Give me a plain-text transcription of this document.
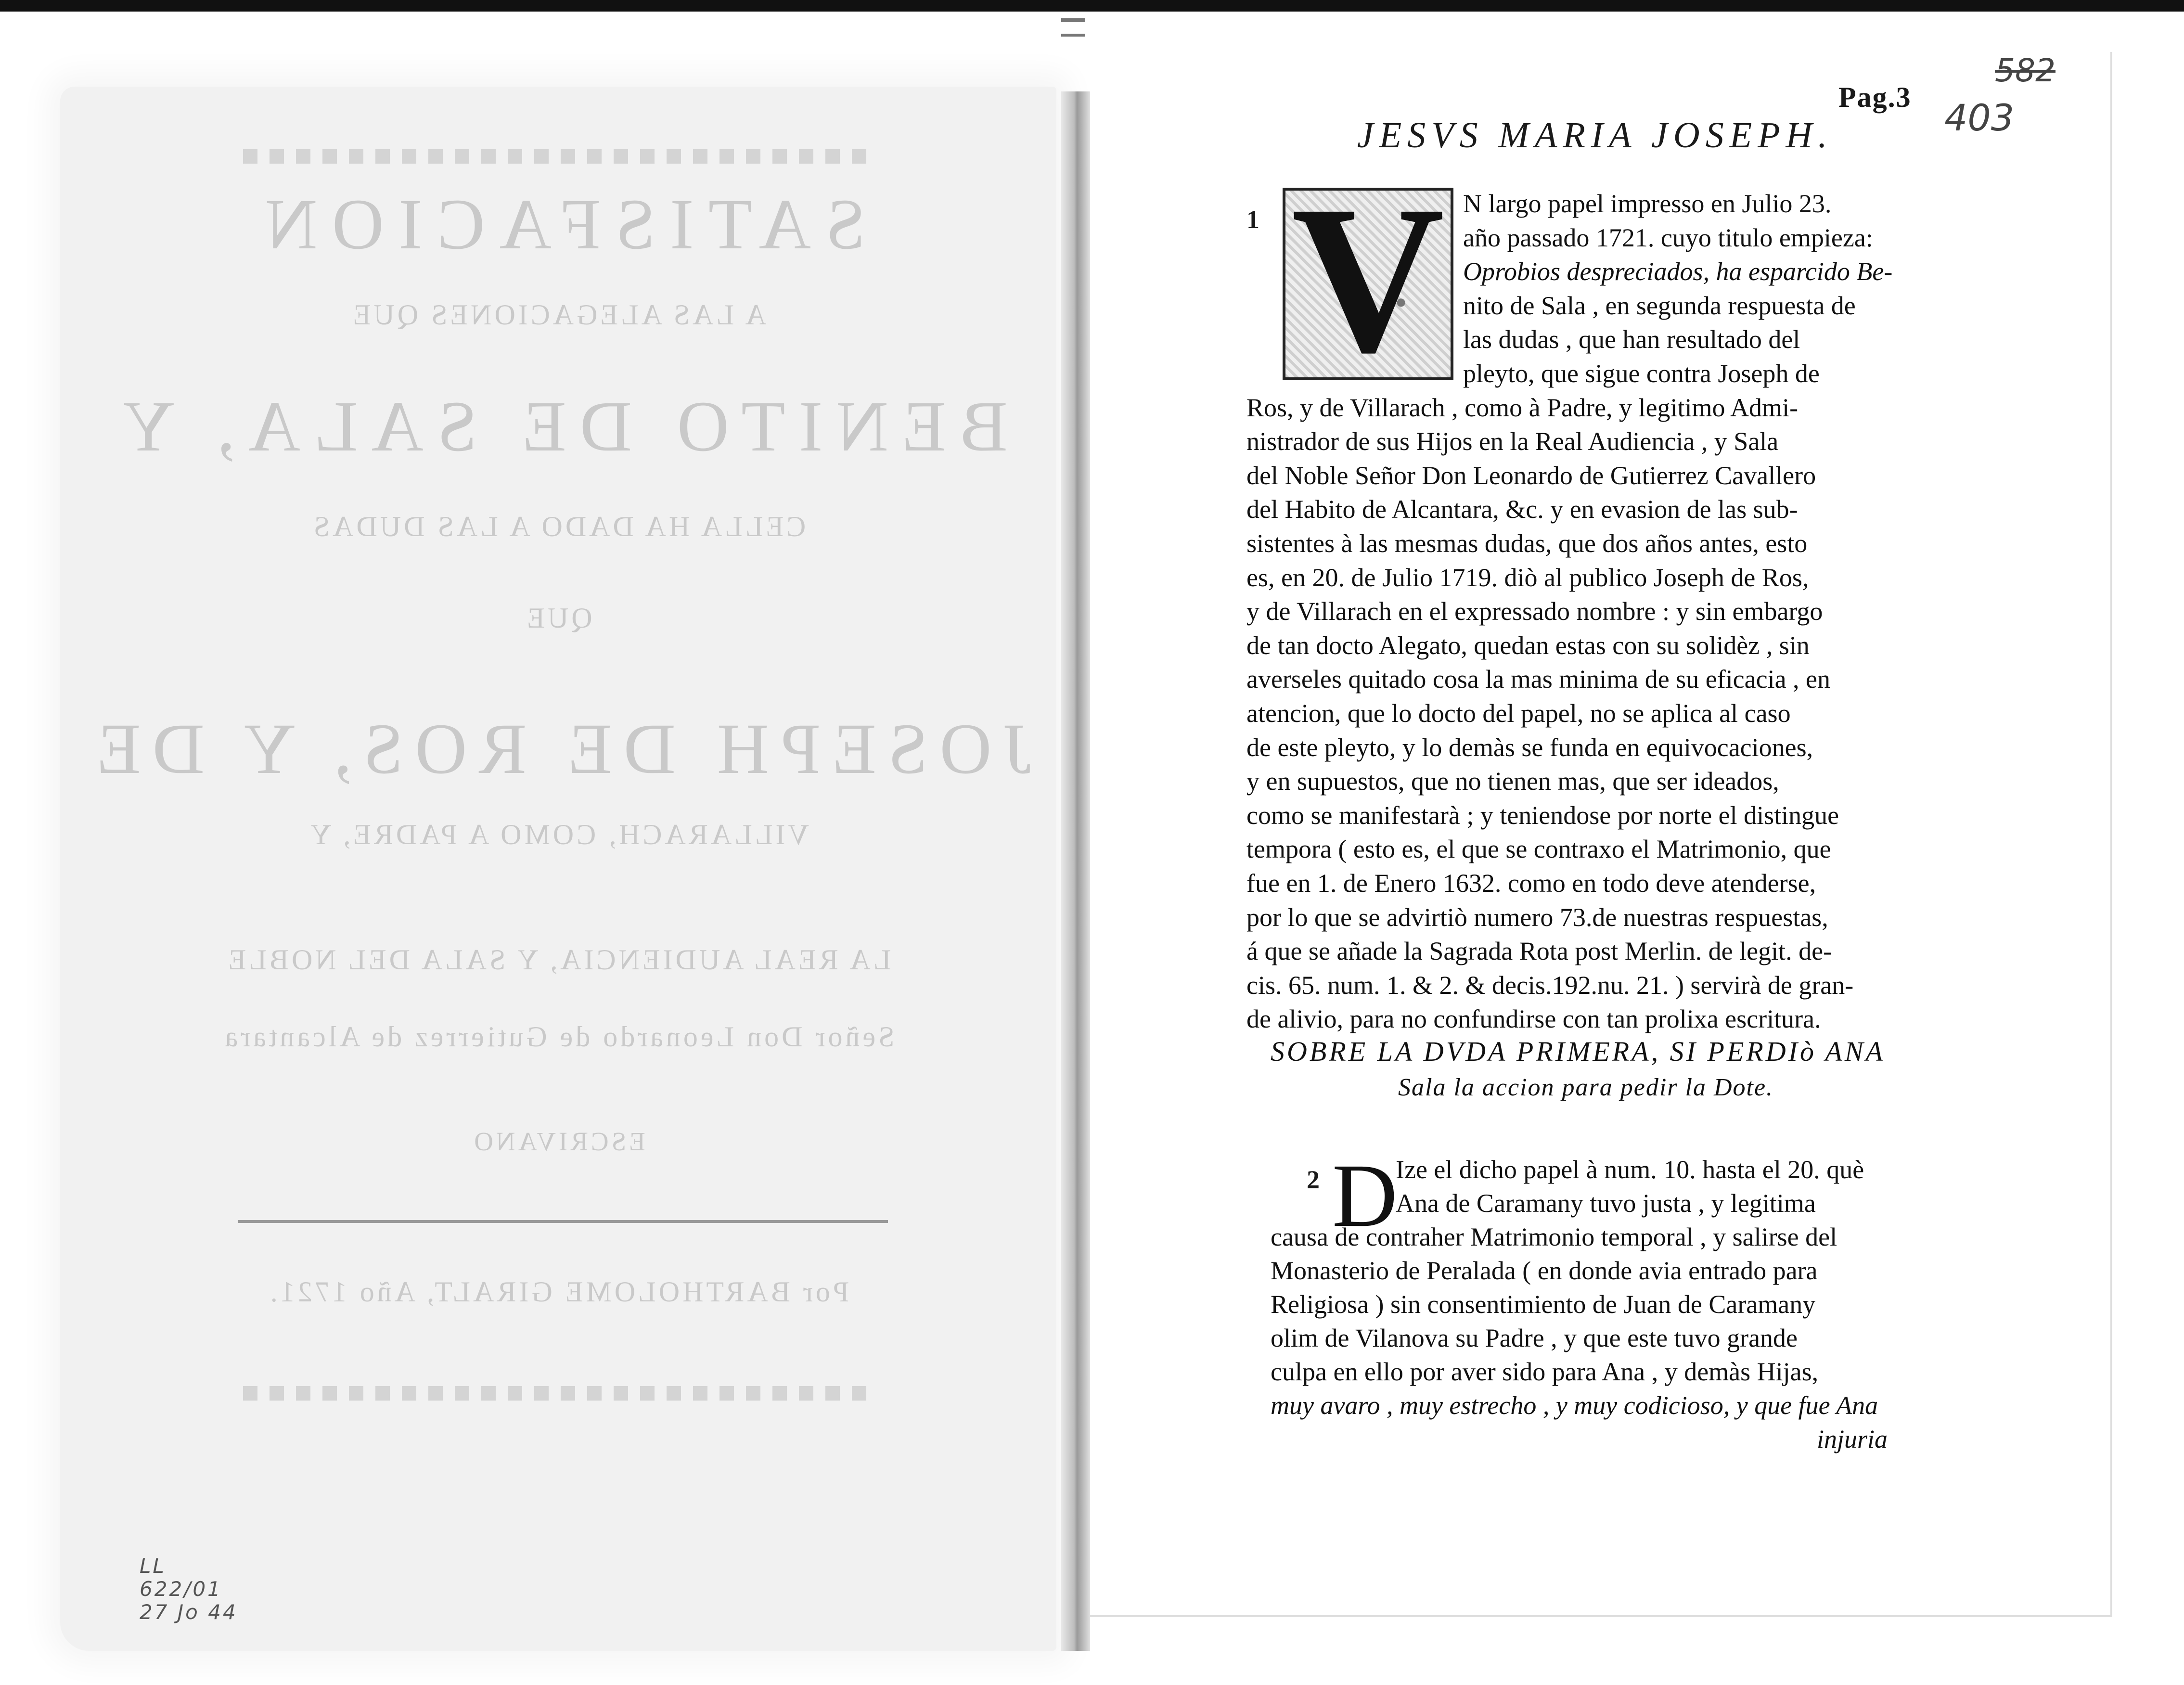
SATISFACION
A LAS ALEGACIONES QUE
BENITO DE SALA, Y
CELLA HA DADO A LAS DUDAS
QUE
JOSEPH DE ROS, Y DE
VILLARACH, COMO A PADRE, Y
LA REAL AUDIENCIA, Y SALA DEL NOBLE
Señor Don Leonardo de Gutierrez de Alcantara
ESCRIVANO
Por BARTHOLOME GIRALT, Año 1721.
LL
622/01
27 Jo 44
582
403
Pag.3
JESVS MARIA JOSEPH.
1 V N largo papel impresso en Julio 23.
año passado 1721. cuyo titulo empieza:
Oprobios despreciados, ha esparcido Be-
nito de Sala , en segunda respuesta de
las dudas , que han resultado del
pleyto, que sigue contra Joseph de
Ros, y de Villarach , como à Padre, y legitimo Admi-
nistrador de sus Hijos en la Real Audiencia , y Sala
del Noble Señor Don Leonardo de Gutierrez Cavallero
del Habito de Alcantara, &c. y en evasion de las sub-
sistentes à las mesmas dudas, que dos años antes, esto
es, en 20. de Julio 1719. diò al publico Joseph de Ros,
y de Villarach en el expressado nombre : y sin embargo
de tan docto Alegato, quedan estas con su solidèz , sin
averseles quitado cosa la mas minima de su eficacia , en
atencion, que lo docto del papel, no se aplica al caso
de este pleyto, y lo demàs se funda en equivocaciones,
y en supuestos, que no tienen mas, que ser ideados,
como se manifestarà ; y teniendose por norte el distingue
tempora ( esto es, el que se contraxo el Matrimonio, que
fue en 1. de Enero 1632. como en todo deve atenderse,
por lo que se advirtiò numero 73.de nuestras respuestas,
á que se añade la Sagrada Rota post Merlin. de legit. de-
cis. 65. num. 1. & 2. & decis.192.nu. 21. ) servirà de gran-
de alivio, para no confundirse con tan prolixa escritura.
SOBRE LA DVDA PRIMERA, SI PERDIò ANA
Sala la accion para pedir la Dote.
2 D
Ize el dicho papel à num. 10. hasta el 20. què
Ana de Caramany tuvo justa , y legitima
causa de contraher Matrimonio temporal , y salirse del
Monasterio de Peralada ( en donde avia entrado para
Religiosa ) sin consentimiento de Juan de Caramany
olim de Vilanova su Padre , y que este tuvo grande
culpa en ello por aver sido para Ana , y demàs Hijas,
muy avaro , muy estrecho , y muy codicioso, y que fue Ana
injuria
